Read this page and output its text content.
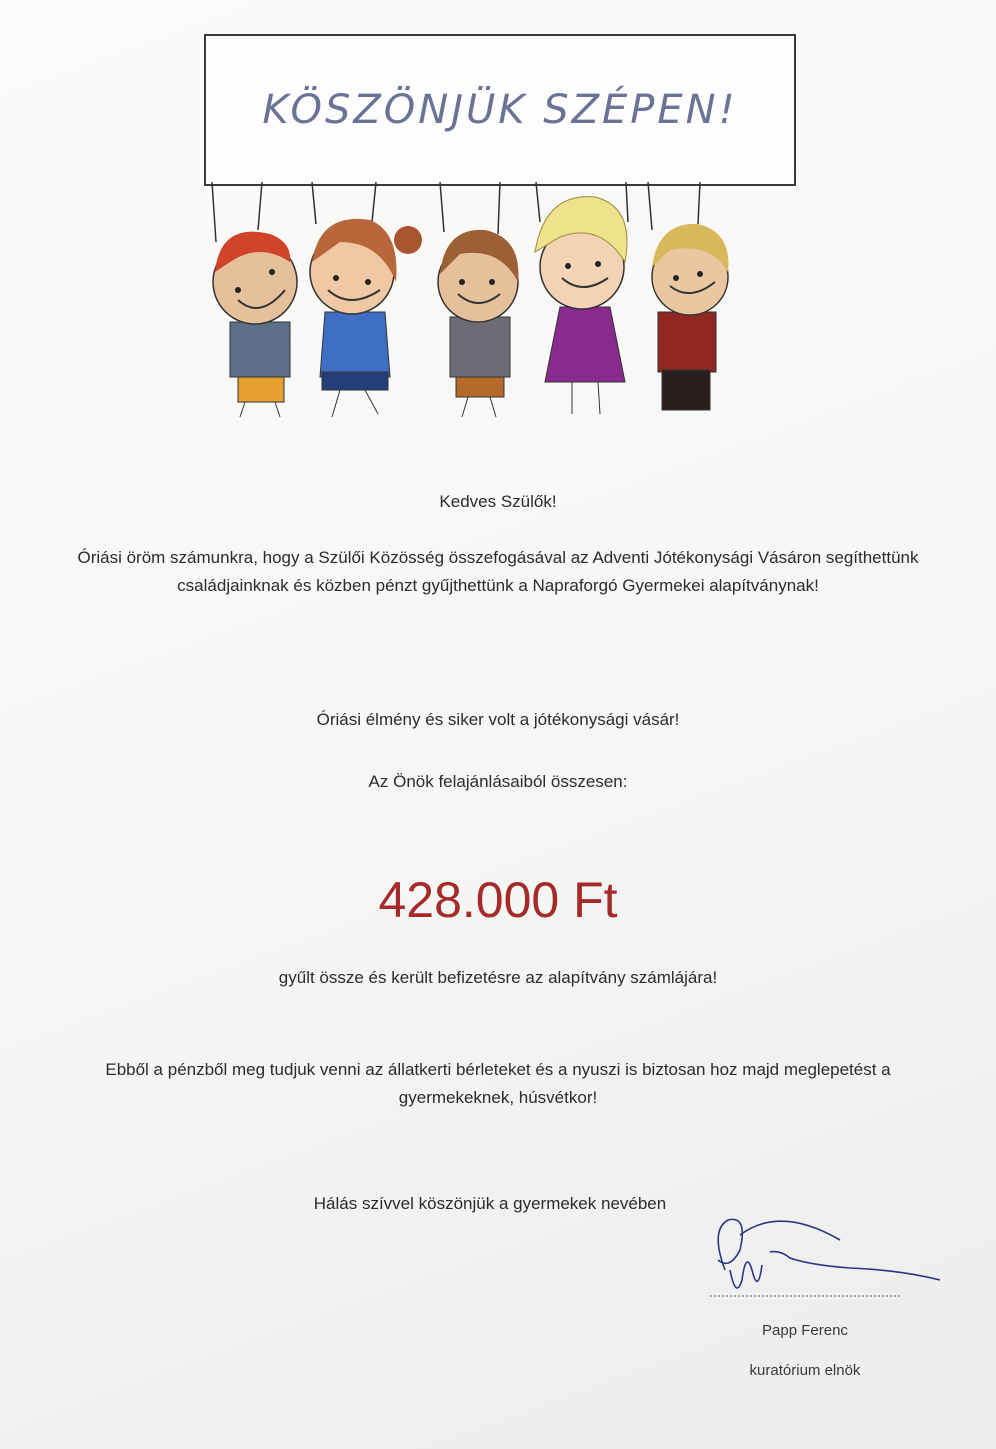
KÖSZÖNJÜK SZÉPEN!
Kedves Szülők!
Óriási öröm számunkra, hogy a Szülői Közösség összefogásával az Adventi Jótékonysági Vásáron segíthettünk családjainknak és közben pénzt gyűjthettünk a Napraforgó Gyermekei alapítványnak!
Óriási élmény és siker volt a jótékonysági vásár!
Az Önök felajánlásaiból összesen:
428.000 Ft
gyűlt össze és került befizetésre az alapítvány számlájára!
Ebből a pénzből meg tudjuk venni az állatkerti bérleteket és a nyuszi is biztosan hoz majd meglepetést a gyermekeknek, húsvétkor!
Hálás szívvel köszönjük a gyermekek nevében
Papp Ferenc
kuratórium elnök
